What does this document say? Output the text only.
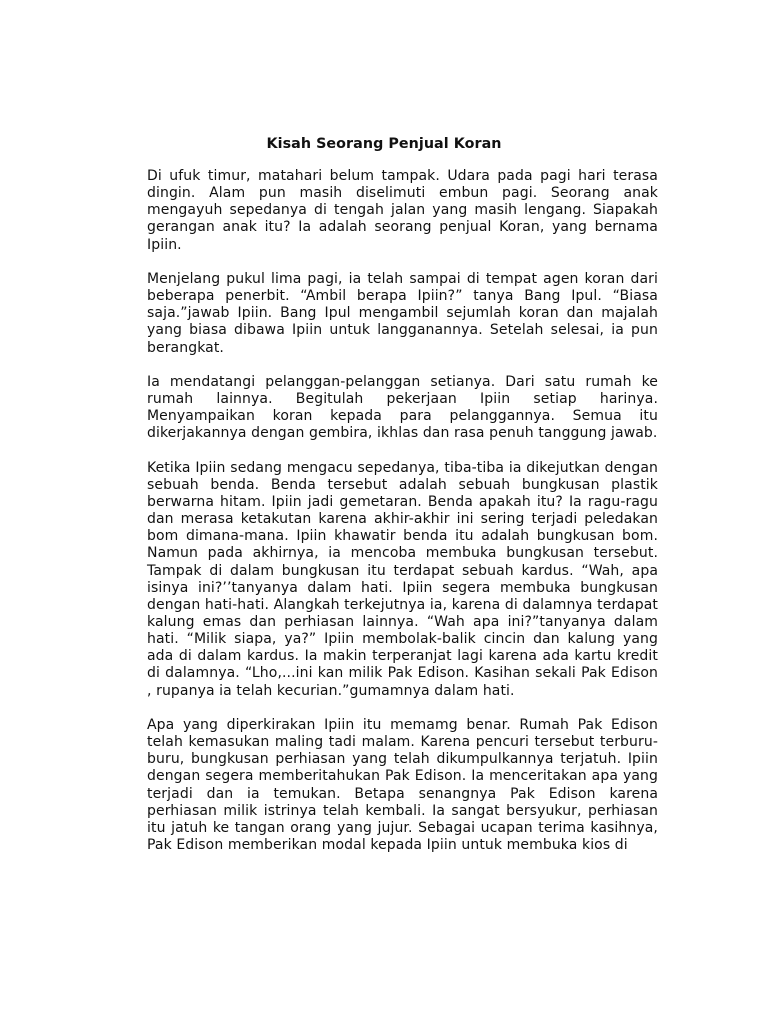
Kisah Seorang Penjual Koran

Di ufuk timur, matahari belum tampak. Udara pada pagi hari terasa dingin. Alam pun masih diselimuti embun pagi. Seorang anak mengayuh sepedanya di tengah jalan yang masih lengang. Siapakah gerangan anak itu? Ia adalah seorang penjual Koran, yang bernama Ipiin.

Menjelang pukul lima pagi, ia telah sampai di tempat agen koran dari beberapa penerbit. “Ambil berapa Ipiin?” tanya Bang Ipul. “Biasa saja.”jawab Ipiin. Bang Ipul mengambil sejumlah koran dan majalah yang biasa dibawa Ipiin untuk langganannya. Setelah selesai, ia pun berangkat.

Ia mendatangi pelanggan-pelanggan setianya. Dari satu rumah ke rumah lainnya. Begitulah pekerjaan Ipiin setiap harinya. Menyampaikan koran kepada para pelanggannya. Semua itu dikerjakannya dengan gembira, ikhlas dan rasa penuh tanggung jawab.

Ketika Ipiin sedang mengacu sepedanya, tiba-tiba ia dikejutkan dengan sebuah benda. Benda tersebut adalah sebuah bungkusan plastik berwarna hitam. Ipiin jadi gemetaran. Benda apakah itu? Ia ragu-ragu dan merasa ketakutan karena akhir-akhir ini sering terjadi peledakan bom dimana-mana. Ipiin khawatir benda itu adalah bungkusan bom. Namun pada akhirnya, ia mencoba membuka bungkusan tersebut. Tampak di dalam bungkusan itu terdapat sebuah kardus. “Wah, apa isinya ini?’’tanyanya dalam hati. Ipiin segera membuka bungkusan dengan hati-hati. Alangkah terkejutnya ia, karena di dalamnya terdapat kalung emas dan perhiasan lainnya. “Wah apa ini?”tanyanya dalam hati. “Milik siapa, ya?” Ipiin membolak-balik cincin dan kalung yang ada di dalam kardus. Ia makin terperanjat lagi karena ada kartu kredit di dalamnya. “Lho,...ini kan milik Pak Edison. Kasihan sekali Pak Edison , rupanya ia telah kecurian.”gumamnya dalam hati.

Apa yang diperkirakan Ipiin itu memamg benar. Rumah Pak Edison telah kemasukan maling tadi malam. Karena pencuri tersebut terburu-buru, bungkusan perhiasan yang telah dikumpulkannya terjatuh. Ipiin dengan segera memberitahukan Pak Edison. Ia menceritakan apa yang terjadi dan ia temukan. Betapa senangnya Pak Edison karena perhiasan milik istrinya telah kembali. Ia sangat bersyukur, perhiasan itu jatuh ke tangan orang yang jujur. Sebagai ucapan terima kasihnya, Pak Edison memberikan modal kepada Ipiin untuk membuka kios di
